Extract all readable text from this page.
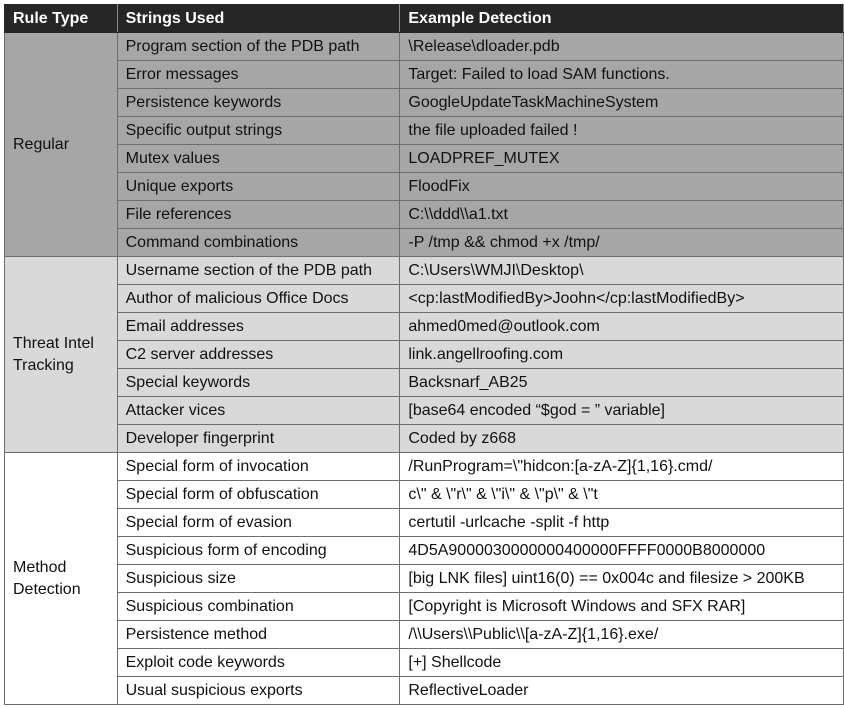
Rule Type	Strings Used	Example Detection
Regular	Program section of the PDB path	\Release\dloader.pdb
	Error messages	Target: Failed to load SAM functions.
	Persistence keywords	GoogleUpdateTaskMachineSystem
	Specific output strings	the file uploaded failed !
	Mutex values	LOADPREF_MUTEX
	Unique exports	FloodFix
	File references	C:\\ddd\\a1.txt
	Command combinations	-P /tmp && chmod +x /tmp/
Threat Intel Tracking	Username section of the PDB path	C:\Users\WMJI\Desktop\
	Author of malicious Office Docs	<cp:lastModifiedBy>Joohn</cp:lastModifiedBy>
	Email addresses	ahmed0med@outlook.com
	C2 server addresses	link.angellroofing.com
	Special keywords	Backsnarf_AB25
	Attacker vices	[base64 encoded “$god = ” variable]
	Developer fingerprint	Coded by z668
Method Detection	Special form of invocation	/RunProgram=\"hidcon:[a-zA-Z]{1,16}.cmd/
	Special form of obfuscation	c\" & \"r\" & \"i\" & \"p\" & \"t
	Special form of evasion	certutil -urlcache -split -f http
	Suspicious form of encoding	4D5A9000030000000400000FFFF0000B8000000
	Suspicious size	[big LNK files] uint16(0) == 0x004c and filesize > 200KB
	Suspicious combination	[Copyright is Microsoft Windows and SFX RAR]
	Persistence method	/\\Users\\Public\\[a-zA-Z]{1,16}.exe/
	Exploit code keywords	[+] Shellcode
	Usual suspicious exports	ReflectiveLoader
